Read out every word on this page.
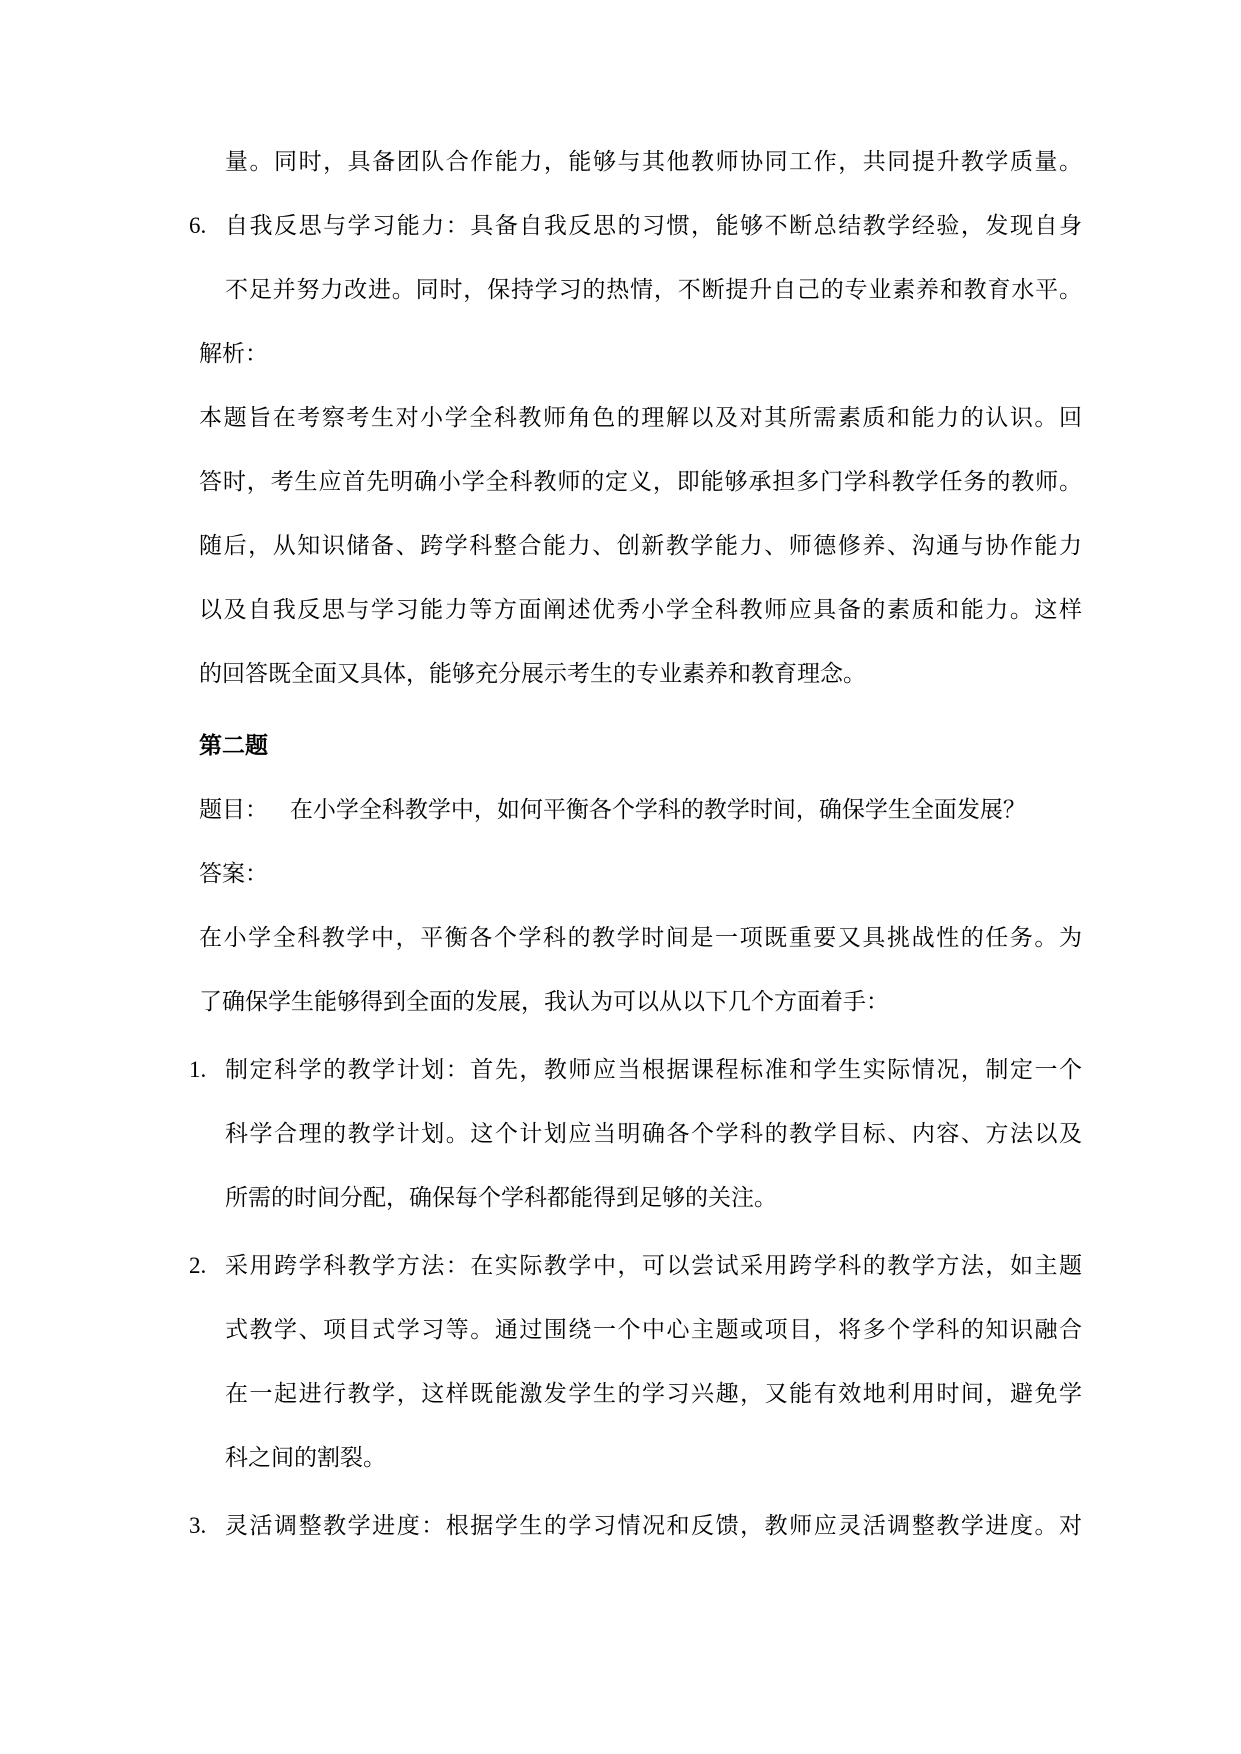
量。同时，具备团队合作能力，能够与其他教师协同工作，共同提升教学质量。
6. 自我反思与学习能力：具备自我反思的习惯，能够不断总结教学经验，发现自身
不足并努力改进。同时，保持学习的热情，不断提升自己的专业素养和教育水平。
解析：
本题旨在考察考生对小学全科教师角色的理解以及对其所需素质和能力的认识。回
答时，考生应首先明确小学全科教师的定义，即能够承担多门学科教学任务的教师。
随后，从知识储备、跨学科整合能力、创新教学能力、师德修养、沟通与协作能力
以及自我反思与学习能力等方面阐述优秀小学全科教师应具备的素质和能力。这样
的回答既全面又具体，能够充分展示考生的专业素养和教育理念。
第二题
题目：   在小学全科教学中，如何平衡各个学科的教学时间，确保学生全面发展？
答案：
在小学全科教学中，平衡各个学科的教学时间是一项既重要又具挑战性的任务。为
了确保学生能够得到全面的发展，我认为可以从以下几个方面着手：
1. 制定科学的教学计划：首先，教师应当根据课程标准和学生实际情况，制定一个
科学合理的教学计划。这个计划应当明确各个学科的教学目标、内容、方法以及
所需的时间分配，确保每个学科都能得到足够的关注。
2. 采用跨学科教学方法：在实际教学中，可以尝试采用跨学科的教学方法，如主题
式教学、项目式学习等。通过围绕一个中心主题或项目，将多个学科的知识融合
在一起进行教学，这样既能激发学生的学习兴趣，又能有效地利用时间，避免学
科之间的割裂。
3. 灵活调整教学进度：根据学生的学习情况和反馈，教师应灵活调整教学进度。对
